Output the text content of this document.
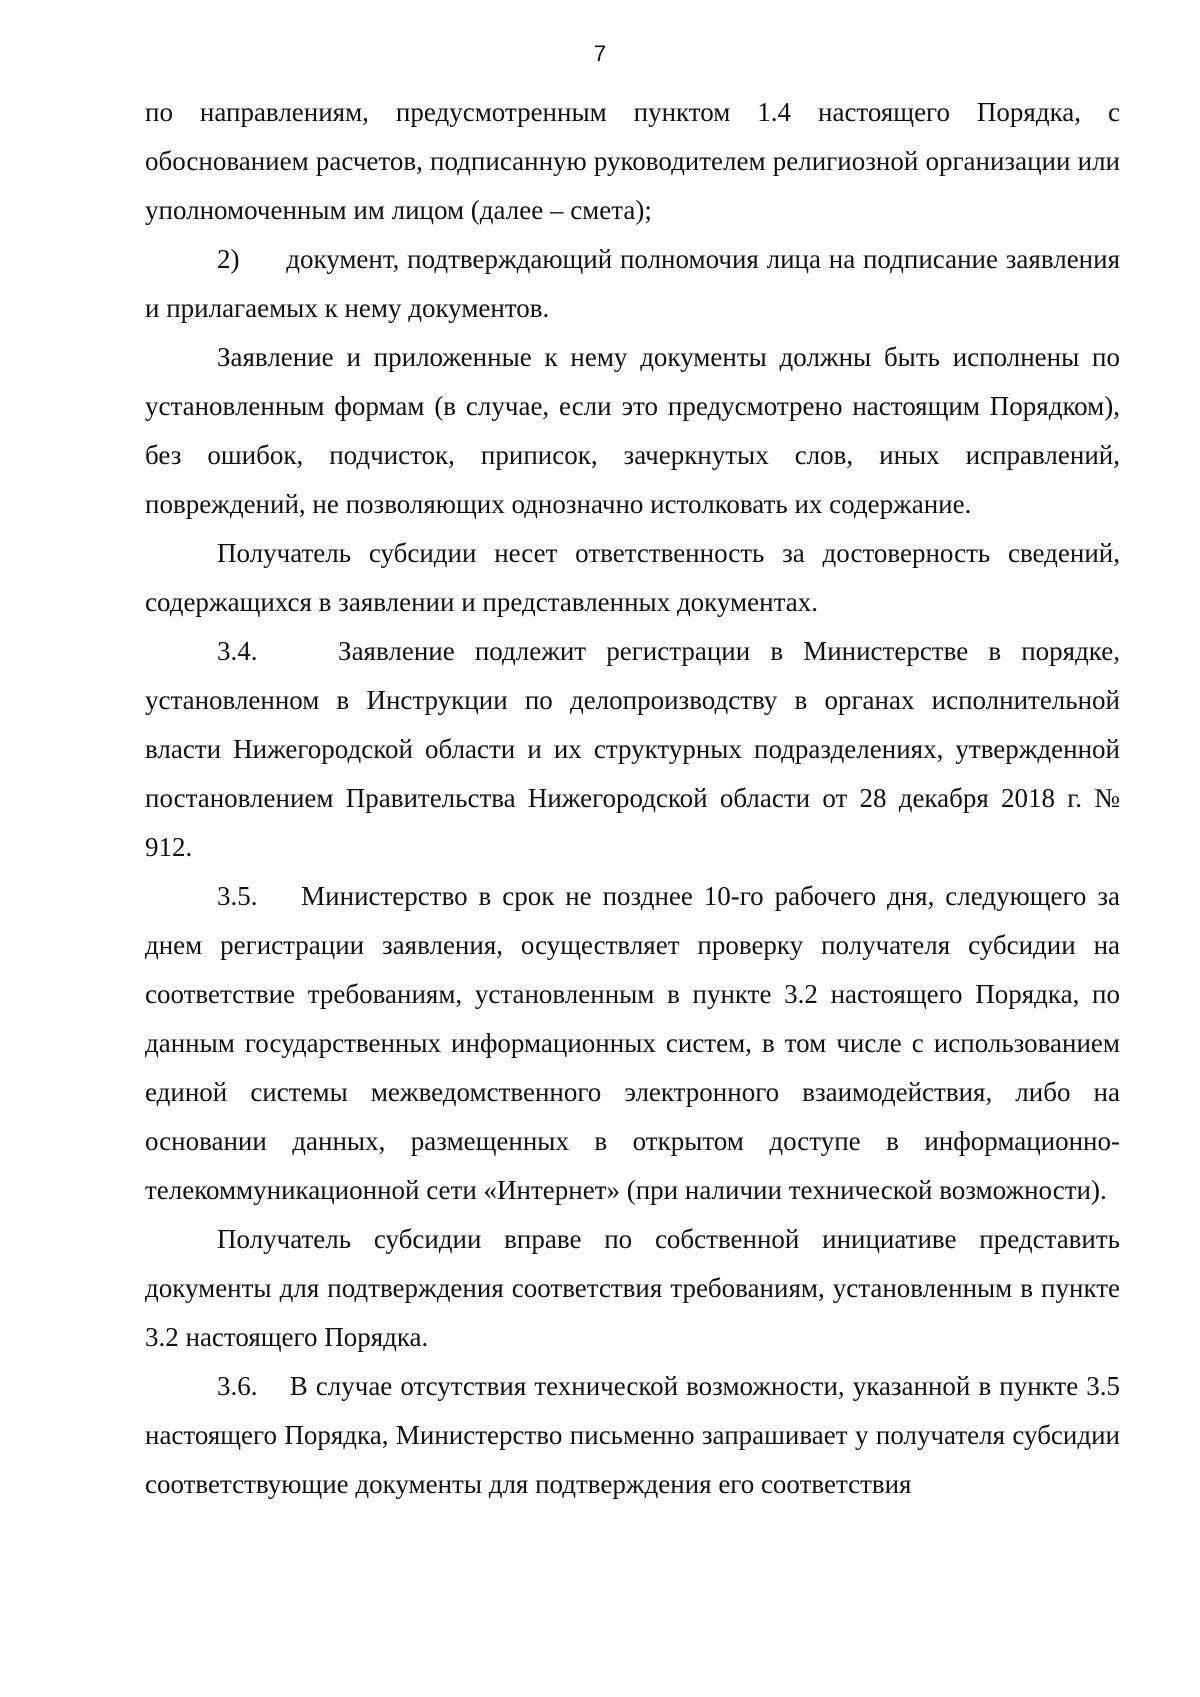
7

по направлениям, предусмотренным пунктом 1.4 настоящего Порядка, с обоснованием расчетов, подписанную руководителем религиозной организации или уполномоченным им лицом (далее – смета);

2)      документ, подтверждающий полномочия лица на подписание заявления и прилагаемых к нему документов.

Заявление и приложенные к нему документы должны быть исполнены по установленным формам (в случае, если это предусмотрено настоящим Порядком), без ошибок, подчисток, приписок, зачеркнутых слов, иных исправлений, повреждений, не позволяющих однозначно истолковать их содержание.

Получатель субсидии несет ответственность за достоверность сведений, содержащихся в заявлении и представленных документах.

3.4.    Заявление подлежит регистрации в Министерстве в порядке, установленном в Инструкции по делопроизводству в органах исполнительной власти Нижегородской области и их структурных подразделениях, утвержденной постановлением Правительства Нижегородской области от 28 декабря 2018 г. № 912.

3.5.    Министерство в срок не позднее 10-го рабочего дня, следующего за днем регистрации заявления, осуществляет проверку получателя субсидии на соответствие требованиям, установленным в пункте 3.2 настоящего Порядка, по данным государственных информационных систем, в том числе с использованием единой системы межведомственного электронного взаимодействия, либо на основании данных, размещенных в открытом доступе в информационно-телекоммуникационной сети «Интернет» (при наличии технической возможности).

Получатель субсидии вправе по собственной инициативе представить документы для подтверждения соответствия требованиям, установленным в пункте 3.2 настоящего Порядка.

3.6.    В случае отсутствия технической возможности, указанной в пункте 3.5 настоящего Порядка, Министерство письменно запрашивает у получателя субсидии соответствующие документы для подтверждения его соответствия
